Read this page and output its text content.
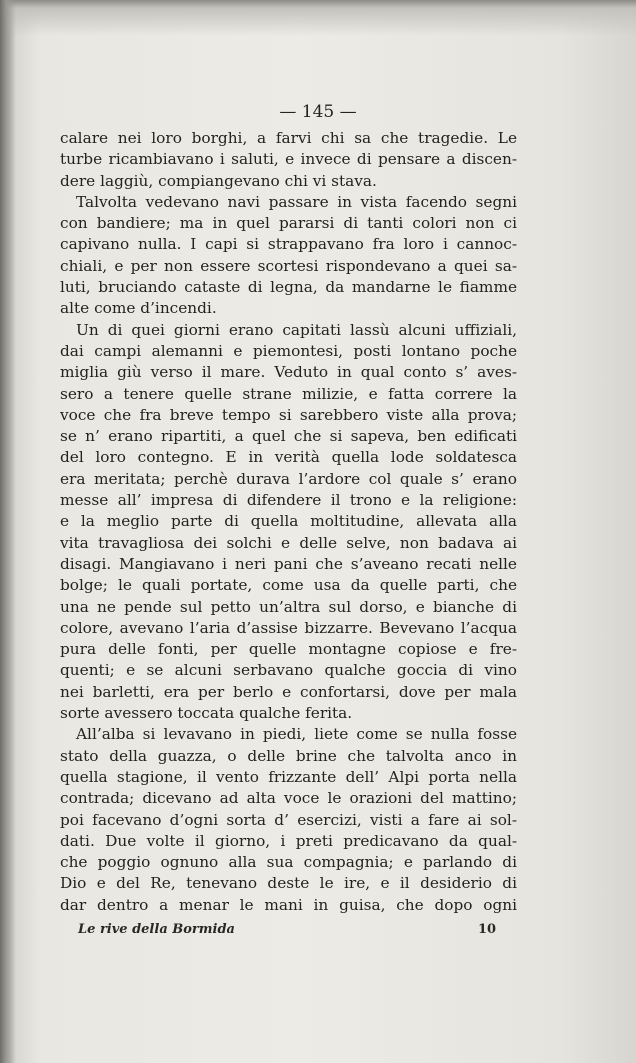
— 145 —
calare nei loro borghi, a farvi chi sa che tragedie. Le
turbe ricambiavano i saluti, e invece di pensare a discen-
dere laggiù, compiangevano chi vi stava.
Talvolta vedevano navi passare in vista facendo segni
con bandiere; ma in quel pararsi di tanti colori non ci
capivano nulla. I capi si strappavano fra loro i cannoc-
chiali, e per non essere scortesi rispondevano a quei sa-
luti, bruciando cataste di legna, da mandarne le fiamme
alte come d’incendi.
Un di quei giorni erano capitati lassù alcuni uffiziali,
dai campi alemanni e piemontesi, posti lontano poche
miglia giù verso il mare. Veduto in qual conto s’ aves-
sero a tenere quelle strane milizie, e fatta correre la
voce che fra breve tempo si sarebbero viste alla prova;
se n’ erano ripartiti, a quel che si sapeva, ben edificati
del loro contegno. E in verità quella lode soldatesca
era meritata; perchè durava l’ardore col quale s’ erano
messe all’ impresa di difendere il trono e la religione:
e la meglio parte di quella moltitudine, allevata alla
vita travagliosa dei solchi e delle selve, non badava ai
disagi. Mangiavano i neri pani che s’aveano recati nelle
bolge; le quali portate, come usa da quelle parti, che
una ne pende sul petto un’altra sul dorso, e bianche di
colore, avevano l’aria d’assise bizzarre. Bevevano l’acqua
pura delle fonti, per quelle montagne copiose e fre-
quenti; e se alcuni serbavano qualche goccia di vino
nei barletti, era per berlo e confortarsi, dove per mala
sorte avessero toccata qualche ferita.
All’alba si levavano in piedi, liete come se nulla fosse
stato della guazza, o delle brine che talvolta anco in
quella stagione, il vento frizzante dell’ Alpi porta nella
contrada; dicevano ad alta voce le orazioni del mattino;
poi facevano d’ogni sorta d’ esercizi, visti a fare ai sol-
dati. Due volte il giorno, i preti predicavano da qual-
che poggio ognuno alla sua compagnia; e parlando di
Dio e del Re, tenevano deste le ire, e il desiderio di
dar dentro a menar le mani in guisa, che dopo ogni
Le rive della Bormida	10
